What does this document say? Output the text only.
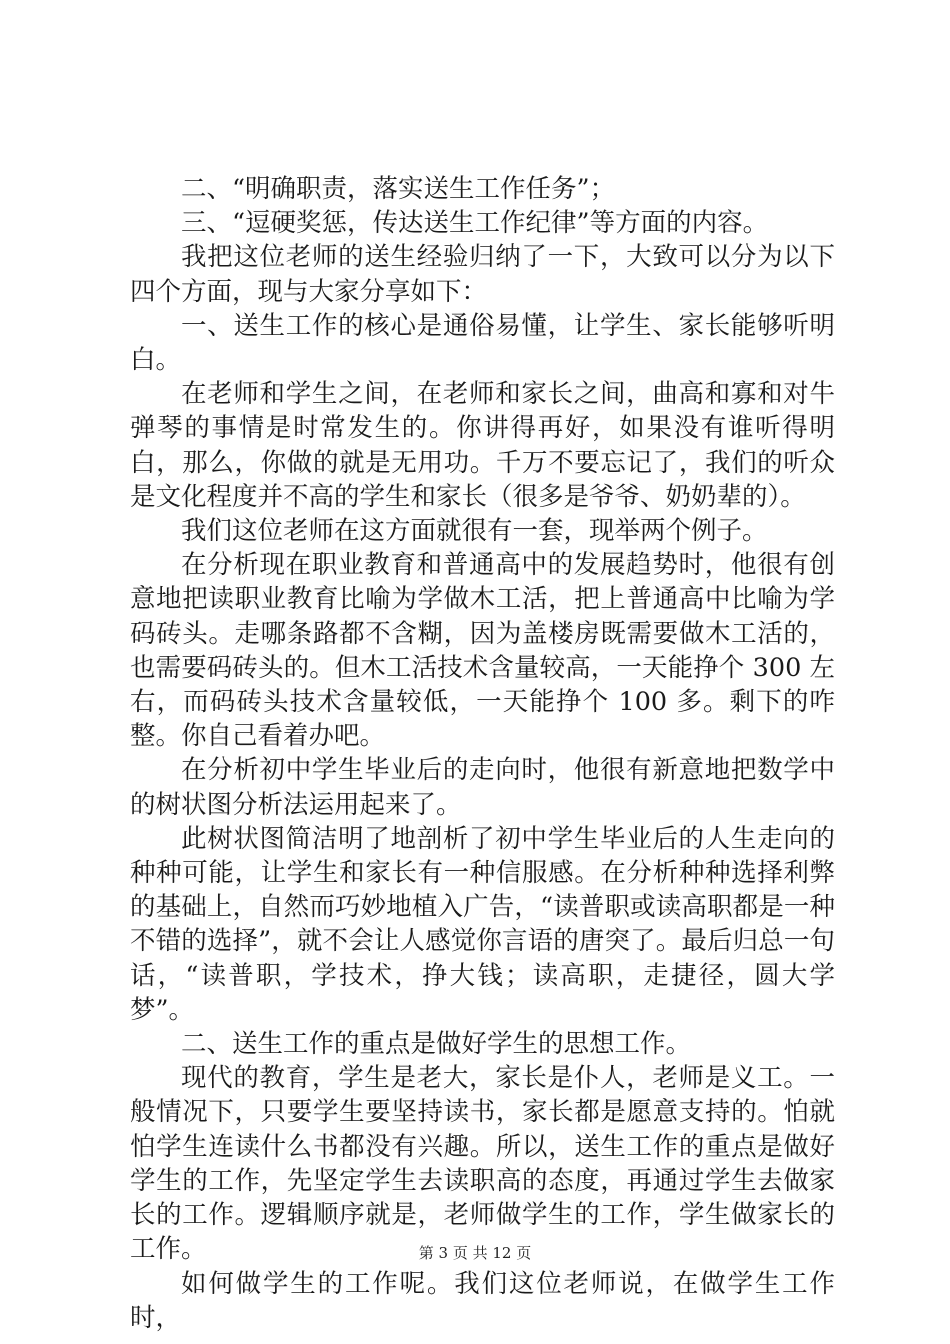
二、“明确职责，落实送生工作任务”；

三、“逗硬奖惩，传达送生工作纪律”等方面的内容。

我把这位老师的送生经验归纳了一下，大致可以分为以下四个方面，现与大家分享如下：

一、送生工作的核心是通俗易懂，让学生、家长能够听明白。

在老师和学生之间，在老师和家长之间，曲高和寡和对牛弹琴的事情是时常发生的。你讲得再好，如果没有谁听得明白，那么，你做的就是无用功。千万不要忘记了，我们的听众是文化程度并不高的学生和家长（很多是爷爷、奶奶辈的）。

我们这位老师在这方面就很有一套，现举两个例子。

在分析现在职业教育和普通高中的发展趋势时，他很有创意地把读职业教育比喻为学做木工活，把上普通高中比喻为学码砖头。走哪条路都不含糊，因为盖楼房既需要做木工活的，也需要码砖头的。但木工活技术含量较高，一天能挣个 300 左右，而码砖头技术含量较低，一天能挣个 100 多。剩下的咋整。你自己看着办吧。

在分析初中学生毕业后的走向时，他很有新意地把数学中的树状图分析法运用起来了。

此树状图简洁明了地剖析了初中学生毕业后的人生走向的种种可能，让学生和家长有一种信服感。在分析种种选择利弊的基础上，自然而巧妙地植入广告，“读普职或读高职都是一种不错的选择”，就不会让人感觉你言语的唐突了。最后归总一句话，“读普职，学技术，挣大钱；读高职，走捷径，圆大学梦”。

二、送生工作的重点是做好学生的思想工作。

现代的教育，学生是老大，家长是仆人，老师是义工。一般情况下，只要学生要坚持读书，家长都是愿意支持的。怕就怕学生连读什么书都没有兴趣。所以，送生工作的重点是做好学生的工作，先坚定学生去读职高的态度，再通过学生去做家长的工作。逻辑顺序就是，老师做学生的工作，学生做家长的工作。

如何做学生的工作呢。我们这位老师说，在做学生工作时，

第 3 页 共 12 页
